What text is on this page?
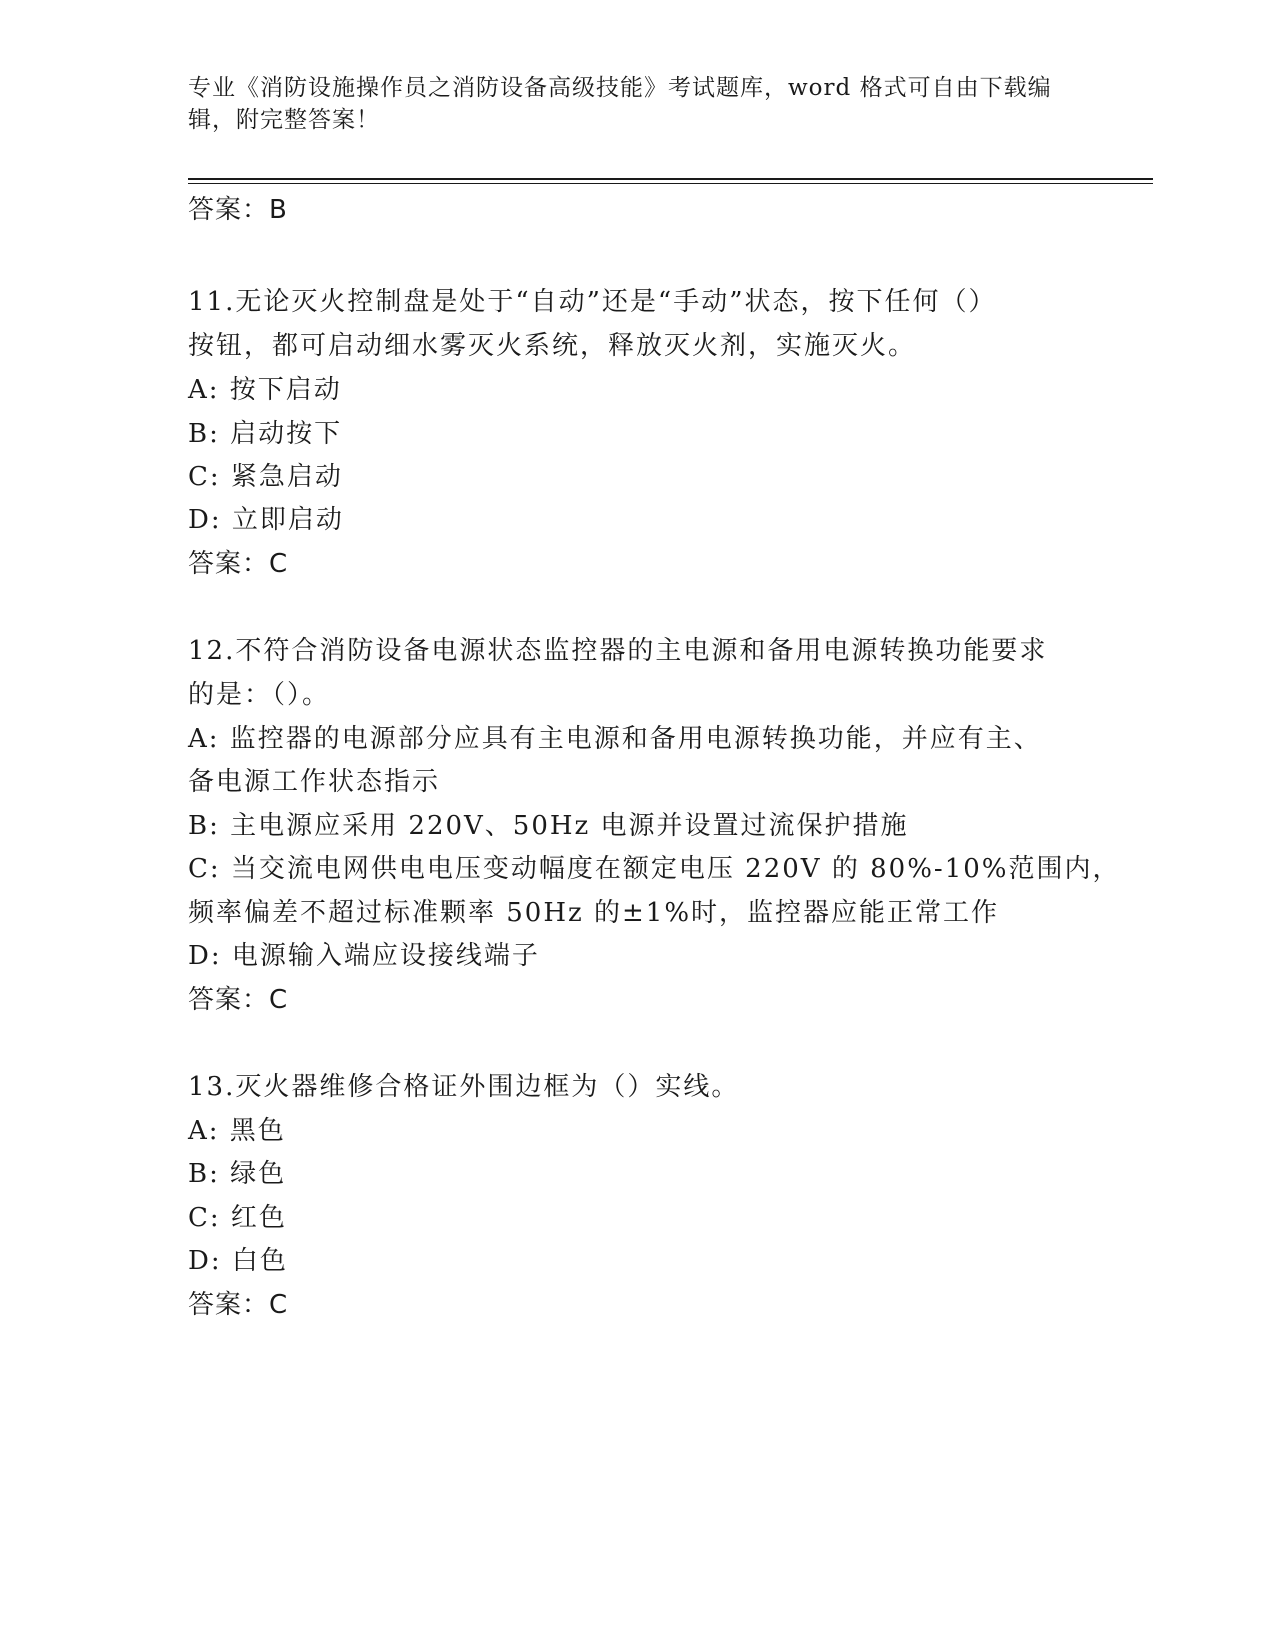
专业《消防设施操作员之消防设备高级技能》考试题库，word 格式可自由下载编
辑，附完整答案！
答案：B
11.无论灭火控制盘是处于“自动”还是“手动”状态，按下任何（）
按钮，都可启动细水雾灭火系统，释放灭火剂，实施灭火。
A: 按下启动
B: 启动按下
C: 紧急启动
D: 立即启动
答案：C
12.不符合消防设备电源状态监控器的主电源和备用电源转换功能要求
的是：（）。
A: 监控器的电源部分应具有主电源和备用电源转换功能，并应有主、
备电源工作状态指示
B: 主电源应采用 220V、50Hz 电源并设置过流保护措施
C: 当交流电网供电电压变动幅度在额定电压 220V 的 80%-10%范围内，
频率偏差不超过标准颗率 50Hz 的±1%时，监控器应能正常工作
D: 电源输入端应设接线端子
答案：C
13.灭火器维修合格证外围边框为（）实线。
A: 黑色
B: 绿色
C: 红色
D: 白色
答案：C
